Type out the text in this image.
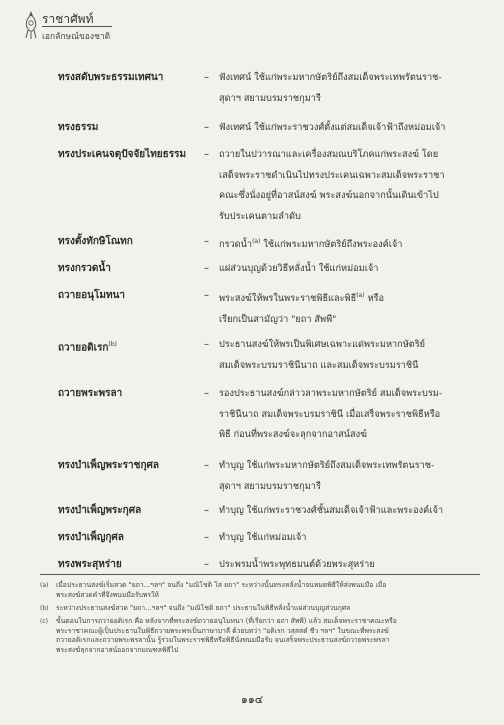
ราชาศัพท์
เอกลักษณ์ของชาติ
ทรงสดับพระธรรมเทศนา	– ฟังเทศน์ ใช้แก่พระมหากษัตริย์ถึงสมเด็จพระเทพรัตนราช-
สุดาฯ สยามบรมราชกุมารี
ทรงธรรม	– ฟังเทศน์ ใช้แก่พระราชวงศ์ตั้งแต่สมเด็จเจ้าฟ้าถึงหม่อมเจ้า
ทรงประเคนจตุปัจจัยไทยธรรม – ถวายในปวารณาและเครื่องสมณบริโภคแก่พระสงฆ์ โดย
เสด็จพระราชดำเนินไปทรงประเคนเฉพาะสมเด็จพระราชา
คณะซึ่งนั่งอยู่ที่อาสน์สงฆ์ พระสงฆ์นอกจากนั้นเดินเข้าไป
รับประเคนตามลำดับ
ทรงตั้งทักษิโณทก	– กรวดน้ำ$^{(a)}$ ใช้แก่พระมหากษัตริย์ถึงพระองค์เจ้า
ทรงกรวดน้ำ	– แผ่ส่วนบุญด้วยวิธีหลั่งน้ำ ใช้แก่หม่อมเจ้า
ถวายอนุโมทนา	– พระสงฆ์ให้พรในพระราชพิธีและพิธี$^{(a)}$ หรือ
เรียกเป็นสามัญว่า "ยถา สัพพี"
ถวายอดิเรก$^{(b)}$	– ประธานสงฆ์ให้พรเป็นพิเศษเฉพาะแด่พระมหากษัตริย์
สมเด็จพระบรมราชินีนาถ และสมเด็จพระบรมราชินี
ถวายพระพรลา	– รองประธานสงฆ์กล่าวลาพระมหากษัตริย์ สมเด็จพระบรม-
ราชินีนาถ สมเด็จพระบรมราชินี เมื่อเสร็จพระราชพิธีหรือ
พิธี ก่อนที่พระสงฆ์จะลุกจากอาสน์สงฆ์
ทรงบำเพ็ญพระราชกุศล	– ทำบุญ ใช้แก่พระมหากษัตริย์ถึงสมเด็จพระเทพรัตนราช-
สุดาฯ สยามบรมราชกุมารี
ทรงบำเพ็ญพระกุศล	– ทำบุญ ใช้แก่พระราชวงศ์ชั้นสมเด็จเจ้าฟ้าและพระองค์เจ้า
ทรงบำเพ็ญกุศล	– ทำบุญ ใช้แก่หม่อมเจ้า
ทรงพระสุหร่าย	– ประพรมน้ำพระพุทธมนต์ด้วยพระสุหร่าย
(a) เมื่อประธานสงฆ์เริ่มสวด "ยถา...ฯลฯ" จนถึง "มณิโชติ โส ยถา" ระหว่างนั้นทรงหลั่งน้ำจนหมดพิธีให้ส่งพนมมือ เมื่อ
พระสงฆ์สวดคำที่จึงพนมมือรับพรให้
(b) ระหว่างประธานสงฆ์สวด "ยถา...ฯลฯ" จนถึง "มณิโชติ ยถา" ประธานในพิธีหลั่งน้ำแผ่ส่วนบุญส่วนกุศล
(c) ขั้นตอนในการถวายอดิเรก คือ หลังจากที่พระสงฆ์ถวายอนุโมทนา (ที่เรียกว่า ยถา สัพพี) แล้ว สมเด็จพระราชาคณะหรือ
พระราชาคณะผู้เป็นประธานในพิธีถวายพระพรเป็นภาษาบาลี ด้วยบทว่า "อติเรก วสฺสสตํ ชีว ฯลฯ" ในขณะที่พระสงฆ์
ถวายอดิเรกและถวายพระพรลานั้น รู้ร่วมในพระราชพิธีหรือพิธีนั่งพนมมือรับ จนเสร็จพระประธานสงฆ์ถวายพระพรลา
พระสงฆ์ลุกจากอาสน์ออกจากมณฑลพิธีไป
๑๑๔
